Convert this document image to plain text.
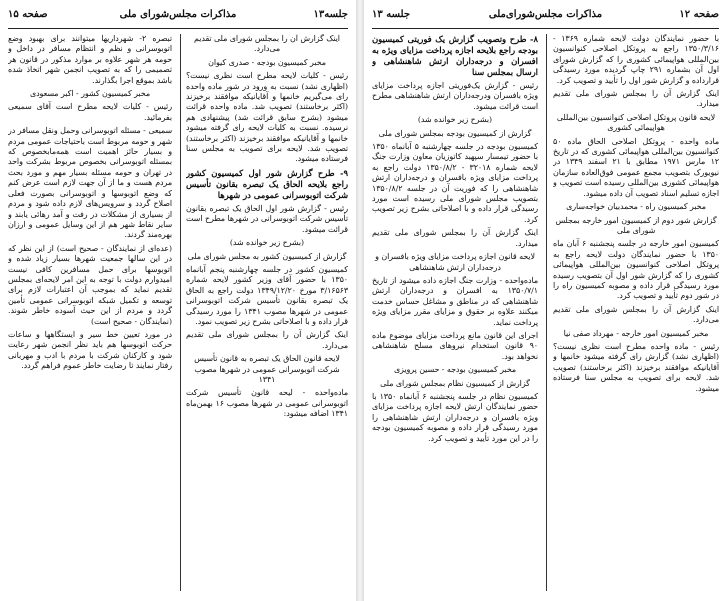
جلسه۱۳
مذاکرات مجلس‌شورای ملی
صفحه ۱۵

اینک گزارش آن را بمجلس شورای ملی تقدیم می‌دارد.

مخبر کمیسیون بودجه - صدری کیوان

رئیس - کلیات لایحه مطرح است نظری نیست؟ (اظهاری نشد) نسبت به ورود در شور ماده واحده رای می‌گیریم خانمها و آقایانیکه موافقند برخیزند (اکثر برخاستند) تصویب شد. ماده واحده قرائت میشود (بشرح سابق قرائت شد) پیشنهادی هم نرسیده. نسبت به کلیات لایحه رای گرفته میشود خانمها و آقایانیکه موافقند برخیزند (اکثر برخاستند) تصویب شد. لایحه برای تصویب به مجلس سنا فرستاده میشود.

۹- طرح گزارش شور اول کمیسیون کشور راجع بلایحه الحاق یک تبصره بقانون تأسیس شرکت اتوبوسرانی عمومی در شهرها

رئیس - گزارش شور اول الحاق یک تبصره بقانون تأسیس شرکت اتوبوسرانی در شهرها مطرح است قرائت میشود.

(بشرح زیر خوانده شد)

گزارش از کمیسیون کشور به مجلس شورای ملی

کمیسیون کشور در جلسه چهارشنبه پنجم آبانماه ۱۳۵۰ با حضور آقای وزیر کشور لایحه شماره ۳/۱۶۵۶۳ مورخ ۱۳۴۹/۱۲/۲۰ دولت راجع به الحاق یک تبصره بقانون تأسیس شرکت اتوبوسرانی عمومی در شهرها مصوب ۱۳۴۱ را مورد رسیدگی قرار داده و با اصلاحاتی بشرح زیر تصویب نمود.

اینک گزارش آن را بمجلس شورای ملی تقدیم می‌دارد.

لایحه قانون الحاق یک تبصره به قانون تأسیس شرکت اتوبوسرانی عمومی در شهرها مصوب ۱۳۴۱

ماده‌واحده - لیحه قانون تأسیس شرکت اتوبوسرانی عمومی در شهرها مصوب ۱۶ بهمن‌ماه ۱۳۴۱ اضافه میشود:

تبصره ۲- شهرداریها میتوانند برای بهبود وضع اتوبوسرانی و نظم و انتظام مسافر در داخل و حومه هر شهر علاوه بر موارد مذکور در قانون هر تصمیمی را که به تصویب انجمن شهر اتخاذ شده باشد بموقع اجرا بگذارند.

مخبر کمیسیون کشور - اکبر مسعودی

رئیس - کلیات لایحه مطرح است آقای سمیعی بفرمائید.

سمیعی - مسئله اتوبوسرانی وحمل ونقل مسافر در شهر و حومه مربوط است باحتیاجات عمومی مردم و بسیار حائز اهمیت است همه‌مابخصوص که بمسئله اتوبوسرانی بخصوص مربوط بشرکت واحد در تهران و حومه مسئله بسیار مهم و مورد بحث مردم هست و ما از آن جهت لازم است عرض کنم که وضع اتوبوسها و اتوبوسرانی بصورت فعلی اصلاح گردد و سرویس‌های لازم داده شود و مردم از بسیاری از مشکلات در رفت و آمد رهائی یابند و سایر نقاط شهر هم از این وسایل عمومی و ارزان بهره‌مند گردند.

(عده‌ای از نمایندگان - صحیح است) از این نظر که در این سالها جمعیت شهرها بسیار زیاد شده و اتوبوسها برای حمل مسافرین کافی نیست امیدوارم دولت با توجه به این امر لایحه‌ای بمجلس تقدیم نماید که بموجب آن اعتبارات لازم برای توسعه و تکمیل شبکه اتوبوسرانی عمومی تأمین گردد و مردم از این حیث آسوده خاطر شوند. (نمایندگان - صحیح است)

در مورد تعیین خط سیر و ایستگاهها و ساعات حرکت اتوبوسها هم باید نظر انجمن شهر رعایت شود و کارکنان شرکت با مردم با ادب و مهربانی رفتار نمایند تا رضایت خاطر عموم فراهم گردد.

صفحه ۱۲
مذاکرات مجلس‌شورای‌ملی
جلسه ۱۳

با حضور نمایندگان دولت لایحه شماره ۱۳۶۹ - ۱۳۵۰/۳/۱۶ راجع به پروتکل اصلاحی کنوانسیون بین‌المللی هواپیمائی کشوری را که گزارش شورای اول آن بشماره ۲۹۱ چاپ گردیده مورد رسیدگی قرارداده و گزارش شور اول را تأیید و تصویب کرد.

اینک گزارش آن را بمجلس شورای ملی تقدیم میدارد.

لایحه قانون پروتکل اصلاحی کنوانسیون بین‌المللی هواپیمائی کشوری

ماده واحده - پروتکل اصلاحی الحاق ماده ۵۰ کنوانسیون بین‌المللی هواپیمائی کشوری که در تاریخ ۱۲ مارس ۱۹۷۱ مطابق با ۲۱ اسفند ۱۳۴۹ در نیویورک بتصویب مجمع عمومی فوق‌العاده سازمان هواپیمائی کشوری بین‌المللی رسیده است تصویب و اجازه تسلیم اسناد تصویب آن داده میشود.

مخبر کمیسیون راه - محمدبیان خواجه‌ساری

گزارش شور دوم از کمیسیون امور خارجه بمجلس شورای ملی

کمیسیون امور خارجه در جلسه پنجشنبه ۶ آبان ماه ۱۳۵۰ با حضور نمایندگان دولت لایحه راجع به پروتکل اصلاحی کنوانسیون بین‌المللی هواپیمائی کشوری را که گزارش شور اول آن بتصویب رسیده مورد رسیدگی قرار داده و مصوبه کمیسیون راه را در شور دوم تأیید و تصویب کرد.

اینک گزارش آن را بمجلس شورای ملی تقدیم می‌دارد.

مخبر کمیسیون امور خارجه - مهرداد صفی نیا

رئیس - ماده واحده مطرح است نظری نیست؟ (اظهاری نشد) گزارش رای گرفته میشود خانمها و آقایانیکه موافقند برخیزند (اکثر برخاستند) تصویب شد. لایحه برای تصویب به مجلس سنا فرستاده میشود.

۸- طرح وتصویب گزارش یک فوریتی کمیسیون بودجه راجع بلایحه اجازه پرداخت مزایای ویژه به افسران و درجه‌داران ارتش شاهنشاهی و ارسال بمجلس سنا

رئیس - گزارش یک‌فوریتی اجازه پرداخت مزایای ویژه بافسران ودرجه‌داران ارتش شاهنشاهی مطرح است قرائت میشود.

(بشرح زیر خوانده شد)

گزارش از کمیسیون بودجه بمجلس شورای ملی

کمیسیون بودجه در جلسه چهارشنبه ۵ آبانماه ۱۳۵۰ با حضور تیمسار سپهبد کاتوزیان معاون وزارت جنگ لایحه شماره ۳۲۰۱۸ - ۱۳۵۰/۸/۲ دولت راجع به پرداخت مزایای ویژه بافسران و درجه‌داران ارتش شاهنشاهی را که فوریت آن در جلسه ۱۳۵۰/۸/۲ بتصویب مجلس شورای ملی رسیده است مورد رسیدگی قرار داده و با اصلاحاتی بشرح زیر تصویب کرد.

اینک گزارش آن را بمجلس شورای ملی تقدیم میدارد.

لایحه قانون اجازه پرداخت مزایای ویژه بافسران و درجه‌داران ارتش شاهنشاهی

ماده‌واحده - وزارت جنگ اجازه داده میشود از تاریخ ۱۳۵۰/۷/۱ به افسران و درجه‌داران ارتش شاهنشاهی که در مناطق و مشاغل حساس خدمت میکنند علاوه بر حقوق و مزایای مقرر مزایای ویژه پرداخت نماید.

اجرای این قانون مانع پرداخت مزایای موضوع ماده ۹۰ قانون استخدام نیروهای مسلح شاهنشاهی نخواهد بود.

مخبر کمیسیون بودجه - حسین پرویزی

گزارش از کمیسیون نظام بمجلس شورای ملی

کمیسیون نظام در جلسه پنجشنبه ۶ آبانماه ۱۳۵۰ با حضور نمایندگان ارتش لایحه اجازه پرداخت مزایای ویژه بافسران و درجه‌داران ارتش شاهنشاهی را مورد رسیدگی قرار داده و مصوبه کمیسیون بودجه را در این مورد تأیید و تصویب کرد.
